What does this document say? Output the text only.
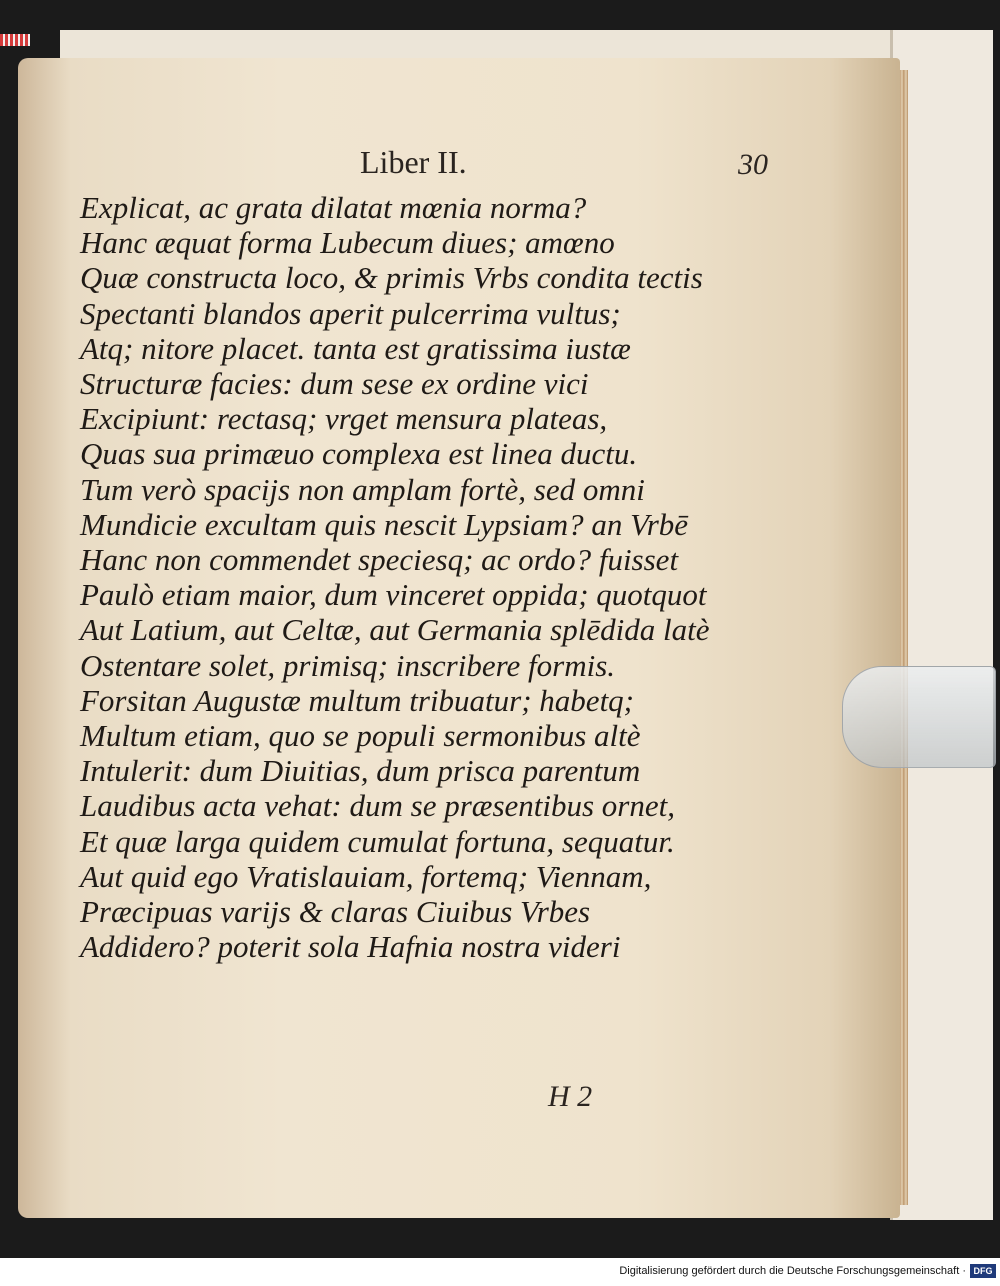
Liber II.	30
Explicat, ac grata dilatat mœnia norma?
Hanc æquat forma Lubecum diues; amœno
Quæ constructa loco, & primis Vrbs condita tectis
Spectanti blandos aperit pulcerrima vultus;
Atq; nitore placet. tanta est gratissima iustæ
Structuræ facies: dum sese ex ordine vici
Excipiunt: rectasq; vrget mensura plateas,
Quas sua primæuo complexa est linea ductu.
Tum verò spacijs non amplam fortè, sed omni
Mundicie excultam quis nescit Lypsiam? an Vrbē
Hanc non commendet speciesq; ac ordo? fuisset
Paulò etiam maior, dum vinceret oppida; quotquot
Aut Latium, aut Celtæ, aut Germania splēdida latè
Ostentare solet, primisq; inscribere formis.
Forsitan Augustæ multum tribuatur; habetq;
Multum etiam, quo se populi sermonibus altè
Intulerit: dum Diuitias, dum prisca parentum
Laudibus acta vehat: dum se præsentibus ornet,
Et quæ larga quidem cumulat fortuna, sequatur.
Aut quid ego Vratislauiam, fortemq; Viennam,
Præcipuas varijs & claras Ciuibus Vrbes
Addidero? poterit sola Hafnia nostra videri
H 2
Digitalisierung gefördert durch die Deutsche Forschungsgemeinschaft · DFG
